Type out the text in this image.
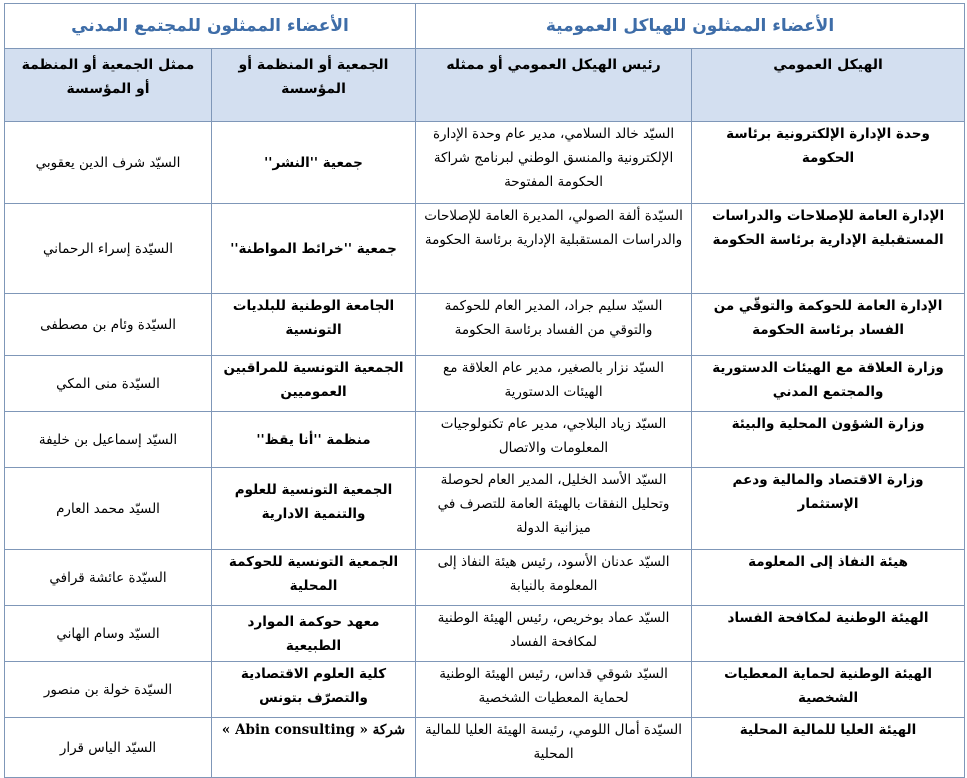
الأعضاء الممثلون للهياكل العمومية		الأعضاء الممثلون للمجتمع المدني	
الهيكل العمومي	رئيس الهيكل العمومي أو ممثله	الجمعية أو المنظمة أو المؤسسة	ممثل الجمعية أو المنظمة أو المؤسسة
وحدة الإدارة الإلكترونية برئاسة الحكومة	السيّد خالد السلامي، مدير عام وحدة الإدارة الإلكترونية والمنسق الوطني لبرنامج شراكة الحكومة المفتوحة	جمعية ''النشر''	السيّد شرف الدين يعقوبي
الإدارة العامة للإصلاحات والدراسات المستقبلية الإدارية برئاسة الحكومة	السيّدة ألفة الصولي، المديرة العامة للإصلاحات والدراسات المستقبلية الإدارية برئاسة الحكومة	جمعية ''خرائط المواطنة''	السيّدة إسراء الرحماني
الإدارة العامة للحوكمة والتوقّي من الفساد برئاسة الحكومة	السيّد سليم جراد، المدير العام للحوكمة والتوقي من الفساد برئاسة الحكومة	الجامعة الوطنية للبلديات التونسية	السيّدة وئام بن مصطفى
وزارة العلاقة مع الهيئات الدستورية والمجتمع المدني	السيّد نزار بالصغير، مدير عام العلاقة مع الهيئات الدستورية	الجمعية التونسية للمراقبين العموميين	السيّدة منى المكي
وزارة الشؤون المحلية والبيئة	السيّد زياد البلاجي، مدير عام تكنولوجيات المعلومات والاتصال	منظمة ''أنا يقظ''	السيّد إسماعيل بن خليفة
وزارة الاقتصاد والمالية ودعم الإستثمار	السيّد الأسد الخليل، المدير العام لحوصلة وتحليل النفقات بالهيئة العامة للتصرف في ميزانية الدولة	الجمعية التونسية للعلوم والتنمية الادارية	السيّد محمد العارم
هيئة النفاذ إلى المعلومة	السيّد عدنان الأسود، رئيس هيئة النفاذ إلى المعلومة بالنيابة	الجمعية التونسية للحوكمة المحلية	السيّدة عائشة قرافي
الهيئة الوطنية لمكافحة الفساد	السيّد عماد بوخريص، رئيس الهيئة الوطنية لمكافحة الفساد	معهد حوكمة الموارد الطبيعية	السيّد وسام الهاني
الهيئة الوطنية لحماية المعطيات الشخصية	السيّد شوقي قداس، رئيس الهيئة الوطنية لحماية المعطيات الشخصية	كلية العلوم الاقتصادية والتصرّف بتونس	السيّدة خولة بن منصور
الهيئة العليا للمالية المحلية	السيّدة أمال اللومي، رئيسة الهيئة العليا للمالية المحلية	شركة « Abin consulting »	السيّد الياس قرار
